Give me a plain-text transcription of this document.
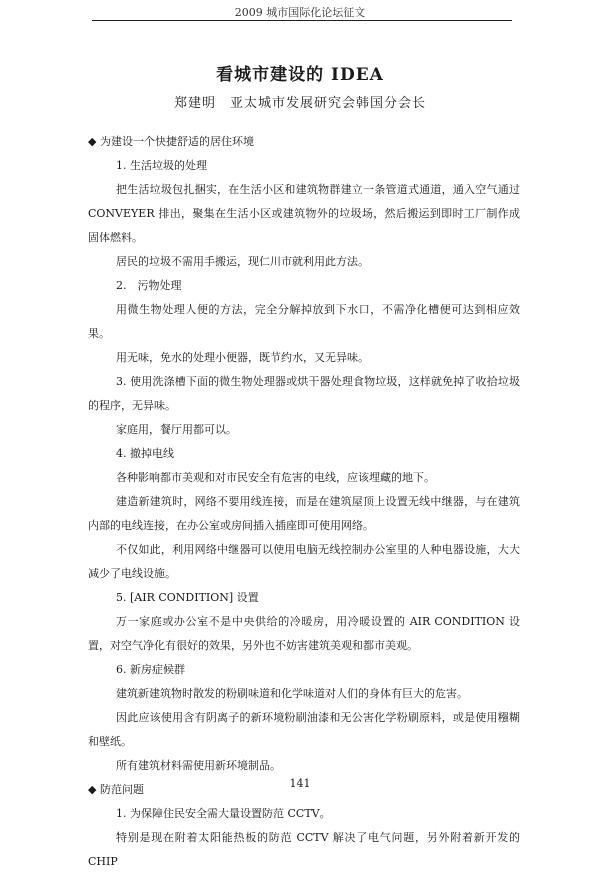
2009 城市国际化论坛征文
看城市建设的 IDEA
郑建明　亚太城市发展研究会韩国分会长

◆ 为建设一个快捷舒适的居住环境

1. 生活垃圾的处理

把生活垃圾包扎捆实，在生活小区和建筑物群建立一条管道式通道，通入空气通过CONVEYER 排出，聚集在生活小区或建筑物外的垃圾场，然后搬运到即时工厂制作成固体燃料。

居民的垃圾不需用手搬运，现仁川市就利用此方法。

2.　污物处理

用微生物处理人便的方法，完全分解掉放到下水口，不需净化槽便可达到相应效果。

用无味，免水的处理小便器，既节约水，又无异味。

3. 使用洗涤槽下面的微生物处理器或烘干器处理食物垃圾，这样就免掉了收拾垃圾的程序，无异味。

家庭用，餐厅用都可以。

4. 撤掉电线

各种影响都市美观和对市民安全有危害的电线，应该埋藏的地下。

建造新建筑时，网络不要用线连接，而是在建筑屋顶上设置无线中继器，与在建筑内部的电线连接，在办公室或房间插入插座即可使用网络。

不仅如此，利用网络中继器可以使用电脑无线控制办公室里的人种电器设施，大大减少了电线设施。

5. [AIR CONDITION] 设置

万一家庭或办公室不是中央供给的冷暖房，用冷暖设置的 AIR CONDITION 设置，对空气净化有很好的效果，另外也不妨害建筑美观和都市美观。

6. 新房症候群

建筑新建筑物时散发的粉刷味道和化学味道对人们的身体有巨大的危害。

因此应该使用含有阴离子的新环境粉刷油漆和无公害化学粉刷原料，或是使用糨糊和壁纸。

所有建筑材料需使用新环境制品。

◆ 防范问题

1. 为保障住民安全需大量设置防范 CCTV。

特别是现在附着太阳能热板的防范 CCTV 解决了电气问题，另外附着新开发的 CHIP

141
